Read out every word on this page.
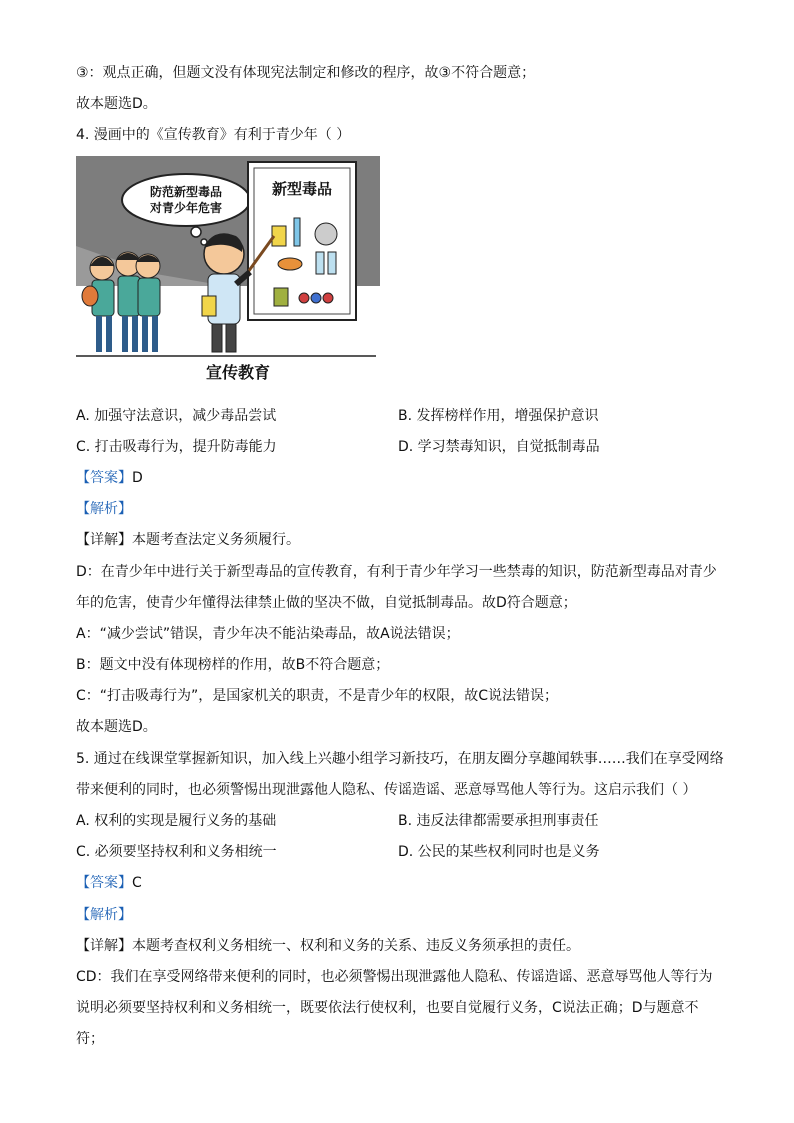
③：观点正确，但题文没有体现宪法制定和修改的程序，故③不符合题意；
故本题选D。
4. 漫画中的《宣传教育》有利于青少年（ ）
防范新型毒品
对青少年危害
新型毒品
宣传教育
A. 加强守法意识，减少毒品尝试	B. 发挥榜样作用，增强保护意识
C. 打击吸毒行为，提升防毒能力	D. 学习禁毒知识，自觉抵制毒品
【答案】D
【解析】
【详解】本题考查法定义务须履行。
D：在青少年中进行关于新型毒品的宣传教育，有利于青少年学习一些禁毒的知识，防范新型毒品对青少
年的危害，使青少年懂得法律禁止做的坚决不做，自觉抵制毒品。故D符合题意；
A：“减少尝试”错误，青少年决不能沾染毒品，故A说法错误；
B：题文中没有体现榜样的作用，故B不符合题意；
C：“打击吸毒行为”，是国家机关的职责，不是青少年的权限，故C说法错误；
故本题选D。
5. 通过在线课堂掌握新知识，加入线上兴趣小组学习新技巧，在朋友圈分享趣闻轶事……我们在享受网络
带来便利的同时，也必须警惕出现泄露他人隐私、传谣造谣、恶意辱骂他人等行为。这启示我们（ ）
A. 权利的实现是履行义务的基础	B. 违反法律都需要承担刑事责任
C. 必须要坚持权利和义务相统一	D. 公民的某些权利同时也是义务
【答案】C
【解析】
【详解】本题考查权利义务相统一、权利和义务的关系、违反义务须承担的责任。
CD：我们在享受网络带来便利的同时，也必须警惕出现泄露他人隐私、传谣造谣、恶意辱骂他人等行为
说明必须要坚持权利和义务相统一，既要依法行使权利，也要自觉履行义务，C说法正确；D与题意不
符；
